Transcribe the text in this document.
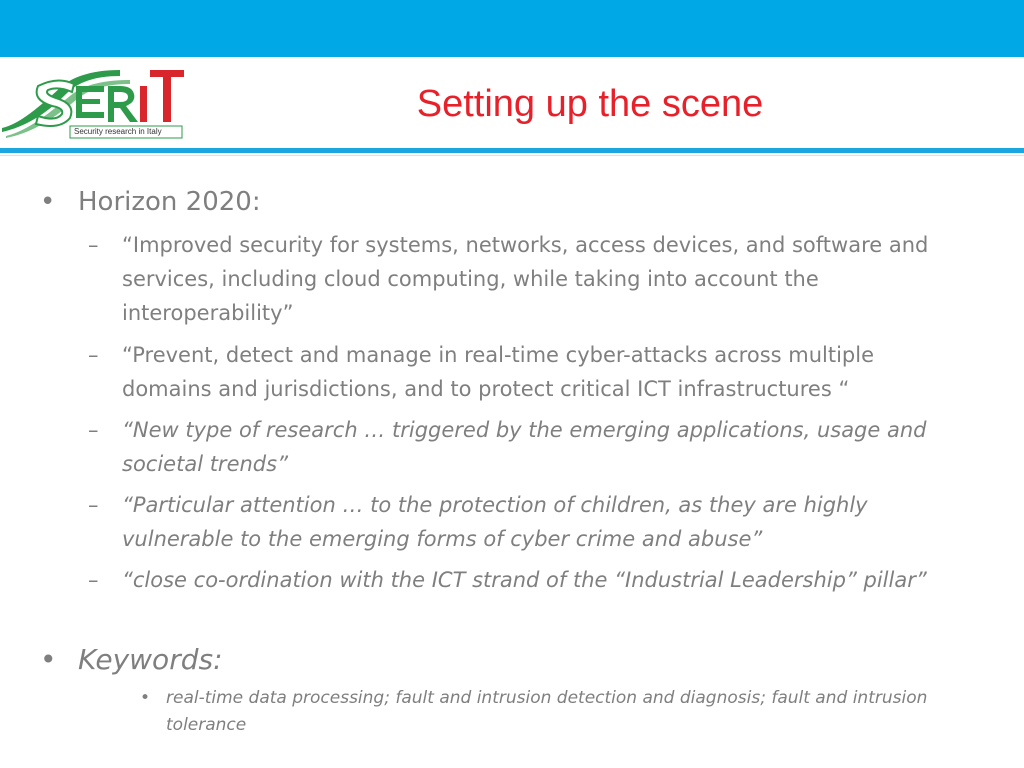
Security research in Italy
Setting up the scene
• Horizon 2020:
– “Improved security for systems, networks, access devices, and software and services, including cloud computing, while taking into account the interoperability”
– “Prevent, detect and manage in real-time cyber-attacks across multiple domains and jurisdictions, and to protect critical ICT infrastructures “
– “New type of research … triggered by the emerging applications, usage and societal trends”
– “Particular attention … to the protection of children, as they are highly vulnerable to the emerging forms of cyber crime and abuse”
– “close co-ordination with the ICT strand of the “Industrial Leadership” pillar”
• Keywords:
• real-time data processing; fault and intrusion detection and diagnosis; fault and intrusion tolerance
